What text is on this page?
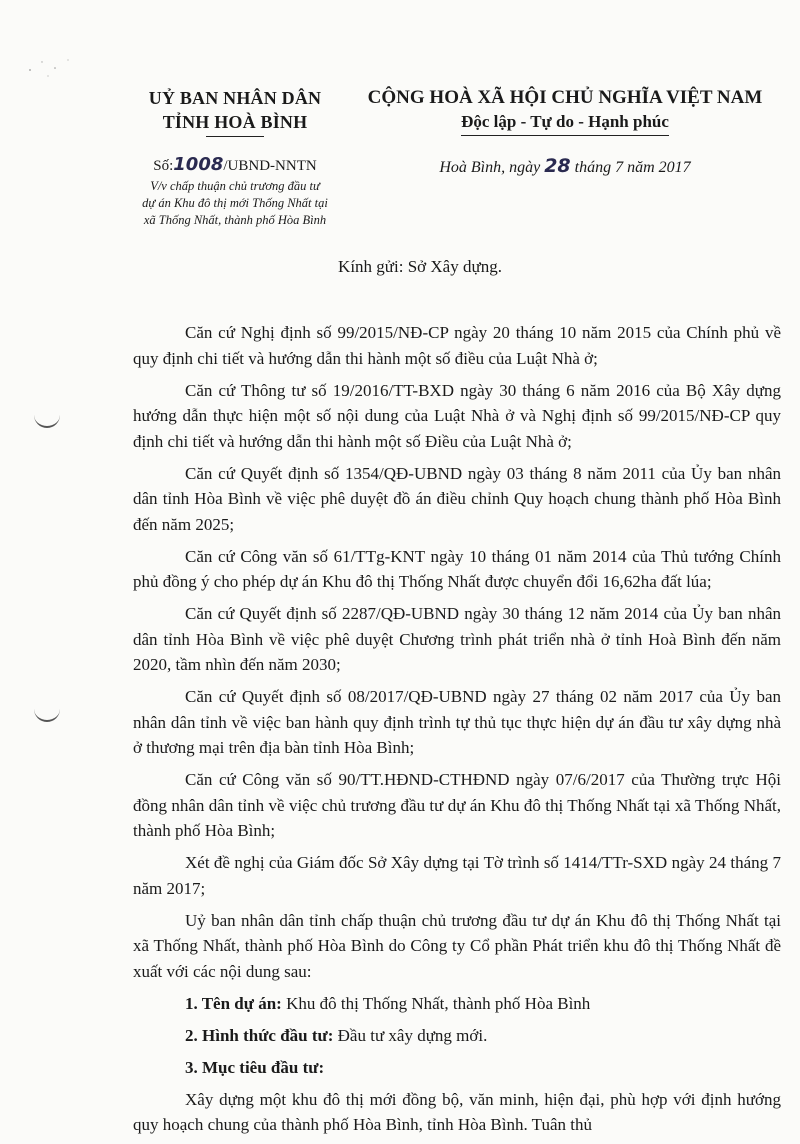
UỶ BAN NHÂN DÂN
TỈNH HOÀ BÌNH
CỘNG HOÀ XÃ HỘI CHỦ NGHĨA VIỆT NAM
Độc lập - Tự do - Hạnh phúc
Số:1008/UBND-NNTN
V/v chấp thuận chủ trương đầu tư
dự án Khu đô thị mới Thống Nhất tại
xã Thống Nhất, thành phố Hòa Bình
Hoà Bình, ngày 28 tháng 7 năm 2017
Kính gửi: Sở Xây dựng.

Căn cứ Nghị định số 99/2015/NĐ-CP ngày 20 tháng 10 năm 2015 của Chính phủ về quy định chi tiết và hướng dẫn thi hành một số điều của Luật Nhà ở;

Căn cứ Thông tư số 19/2016/TT-BXD ngày 30 tháng 6 năm 2016 của Bộ Xây dựng hướng dẫn thực hiện một số nội dung của Luật Nhà ở và Nghị định số 99/2015/NĐ-CP quy định chi tiết và hướng dẫn thi hành một số Điều của Luật Nhà ở;

Căn cứ Quyết định số 1354/QĐ-UBND ngày 03 tháng 8 năm 2011 của Ủy ban nhân dân tỉnh Hòa Bình về việc phê duyệt đồ án điều chỉnh Quy hoạch chung thành phố Hòa Bình đến năm 2025;

Căn cứ Công văn số 61/TTg-KNT ngày 10 tháng 01 năm 2014 của Thủ tướng Chính phủ đồng ý cho phép dự án Khu đô thị Thống Nhất được chuyển đổi 16,62ha đất lúa;

Căn cứ Quyết định số 2287/QĐ-UBND ngày 30 tháng 12 năm 2014 của Ủy ban nhân dân tỉnh Hòa Bình về việc phê duyệt Chương trình phát triển nhà ở tỉnh Hoà Bình đến năm 2020, tầm nhìn đến năm 2030;

Căn cứ Quyết định số 08/2017/QĐ-UBND ngày 27 tháng 02 năm 2017 của Ủy ban nhân dân tỉnh về việc ban hành quy định trình tự thủ tục thực hiện dự án đầu tư xây dựng nhà ở thương mại trên địa bàn tỉnh Hòa Bình;

Căn cứ Công văn số 90/TT.HĐND-CTHĐND ngày 07/6/2017 của Thường trực Hội đồng nhân dân tỉnh về việc chủ trương đầu tư dự án Khu đô thị Thống Nhất tại xã Thống Nhất, thành phố Hòa Bình;

Xét đề nghị của Giám đốc Sở Xây dựng tại Tờ trình số 1414/TTr-SXD ngày 24 tháng 7 năm 2017;

Uỷ ban nhân dân tỉnh chấp thuận chủ trương đầu tư dự án Khu đô thị Thống Nhất tại xã Thống Nhất, thành phố Hòa Bình do Công ty Cổ phần Phát triển khu đô thị Thống Nhất đề xuất với các nội dung sau:

1. Tên dự án: Khu đô thị Thống Nhất, thành phố Hòa Bình

2. Hình thức đầu tư: Đầu tư xây dựng mới.

3. Mục tiêu đầu tư:

Xây dựng một khu đô thị mới đồng bộ, văn minh, hiện đại, phù hợp với định hướng quy hoạch chung của thành phố Hòa Bình, tỉnh Hòa Bình. Tuân thủ
